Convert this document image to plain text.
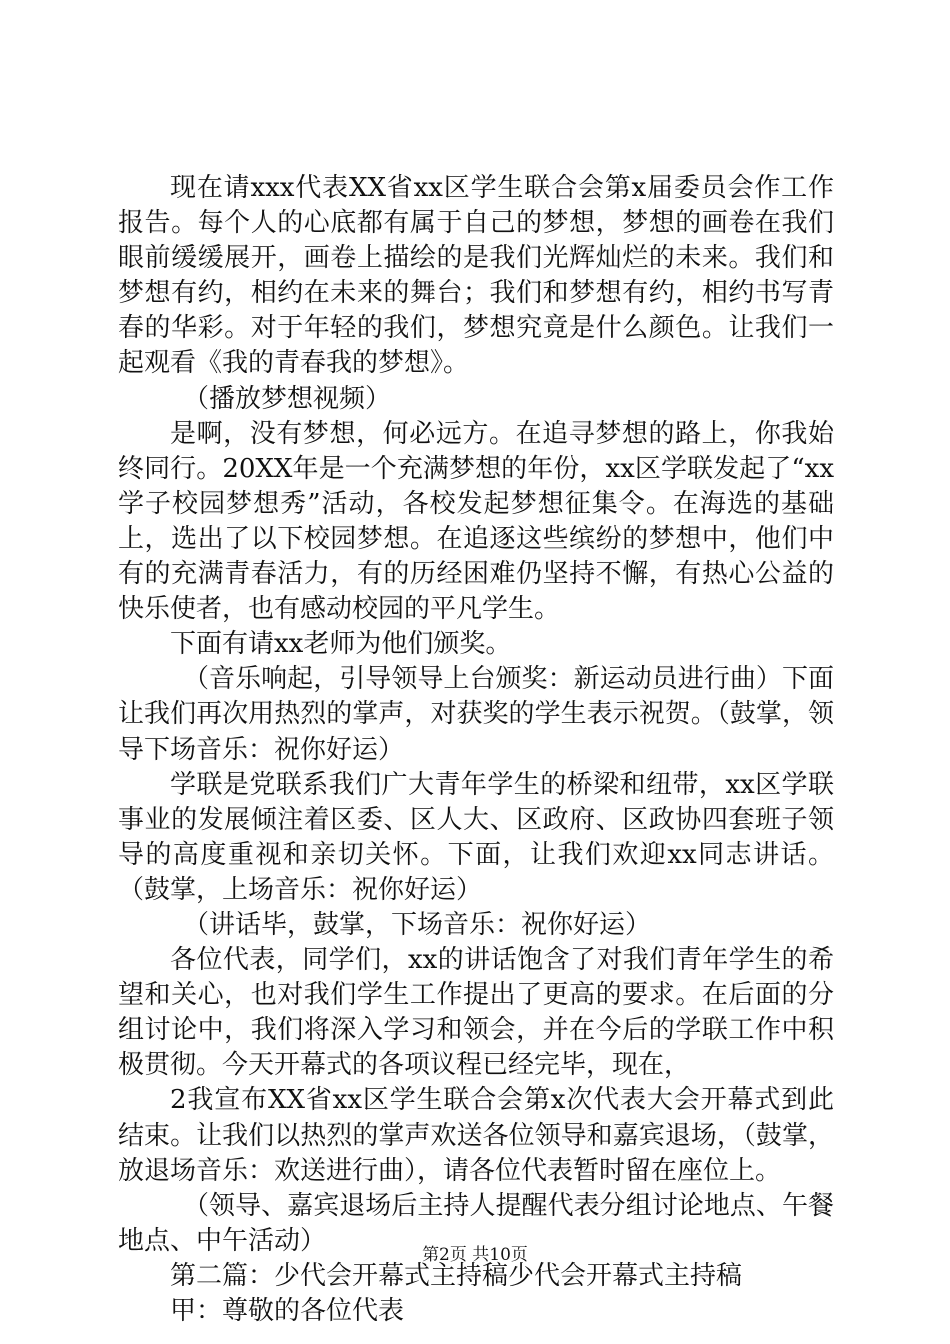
现在请xxx代表XX省xx区学生联合会第x届委员会作工作报告。每个人的心底都有属于自己的梦想，梦想的画卷在我们眼前缓缓展开，画卷上描绘的是我们光辉灿烂的未来。我们和梦想有约，相约在未来的舞台；我们和梦想有约，相约书写青春的华彩。对于年轻的我们，梦想究竟是什么颜色。让我们一起观看《我的青春我的梦想》。

（播放梦想视频）

是啊，没有梦想，何必远方。在追寻梦想的路上，你我始终同行。20XX年是一个充满梦想的年份，xx区学联发起了“xx学子校园梦想秀”活动，各校发起梦想征集令。在海选的基础上，选出了以下校园梦想。在追逐这些缤纷的梦想中，他们中有的充满青春活力，有的历经困难仍坚持不懈，有热心公益的快乐使者，也有感动校园的平凡学生。

下面有请xx老师为他们颁奖。

（音乐响起，引导领导上台颁奖：新运动员进行曲）下面让我们再次用热烈的掌声，对获奖的学生表示祝贺。（鼓掌，领导下场音乐：祝你好运）

学联是党联系我们广大青年学生的桥梁和纽带，xx区学联事业的发展倾注着区委、区人大、区政府、区政协四套班子领导的高度重视和亲切关怀。下面，让我们欢迎xx同志讲话。（鼓掌，上场音乐：祝你好运）

（讲话毕，鼓掌，下场音乐：祝你好运）

各位代表，同学们，xx的讲话饱含了对我们青年学生的希望和关心，也对我们学生工作提出了更高的要求。在后面的分组讨论中，我们将深入学习和领会，并在今后的学联工作中积极贯彻。今天开幕式的各项议程已经完毕，现在，

2我宣布XX省xx区学生联合会第x次代表大会开幕式到此结束。让我们以热烈的掌声欢送各位领导和嘉宾退场，（鼓掌，放退场音乐：欢送进行曲），请各位代表暂时留在座位上。

（领导、嘉宾退场后主持人提醒代表分组讨论地点、午餐地点、中午活动）

第二篇：少代会开幕式主持稿少代会开幕式主持稿

甲：尊敬的各位代表

第2页 共10页
